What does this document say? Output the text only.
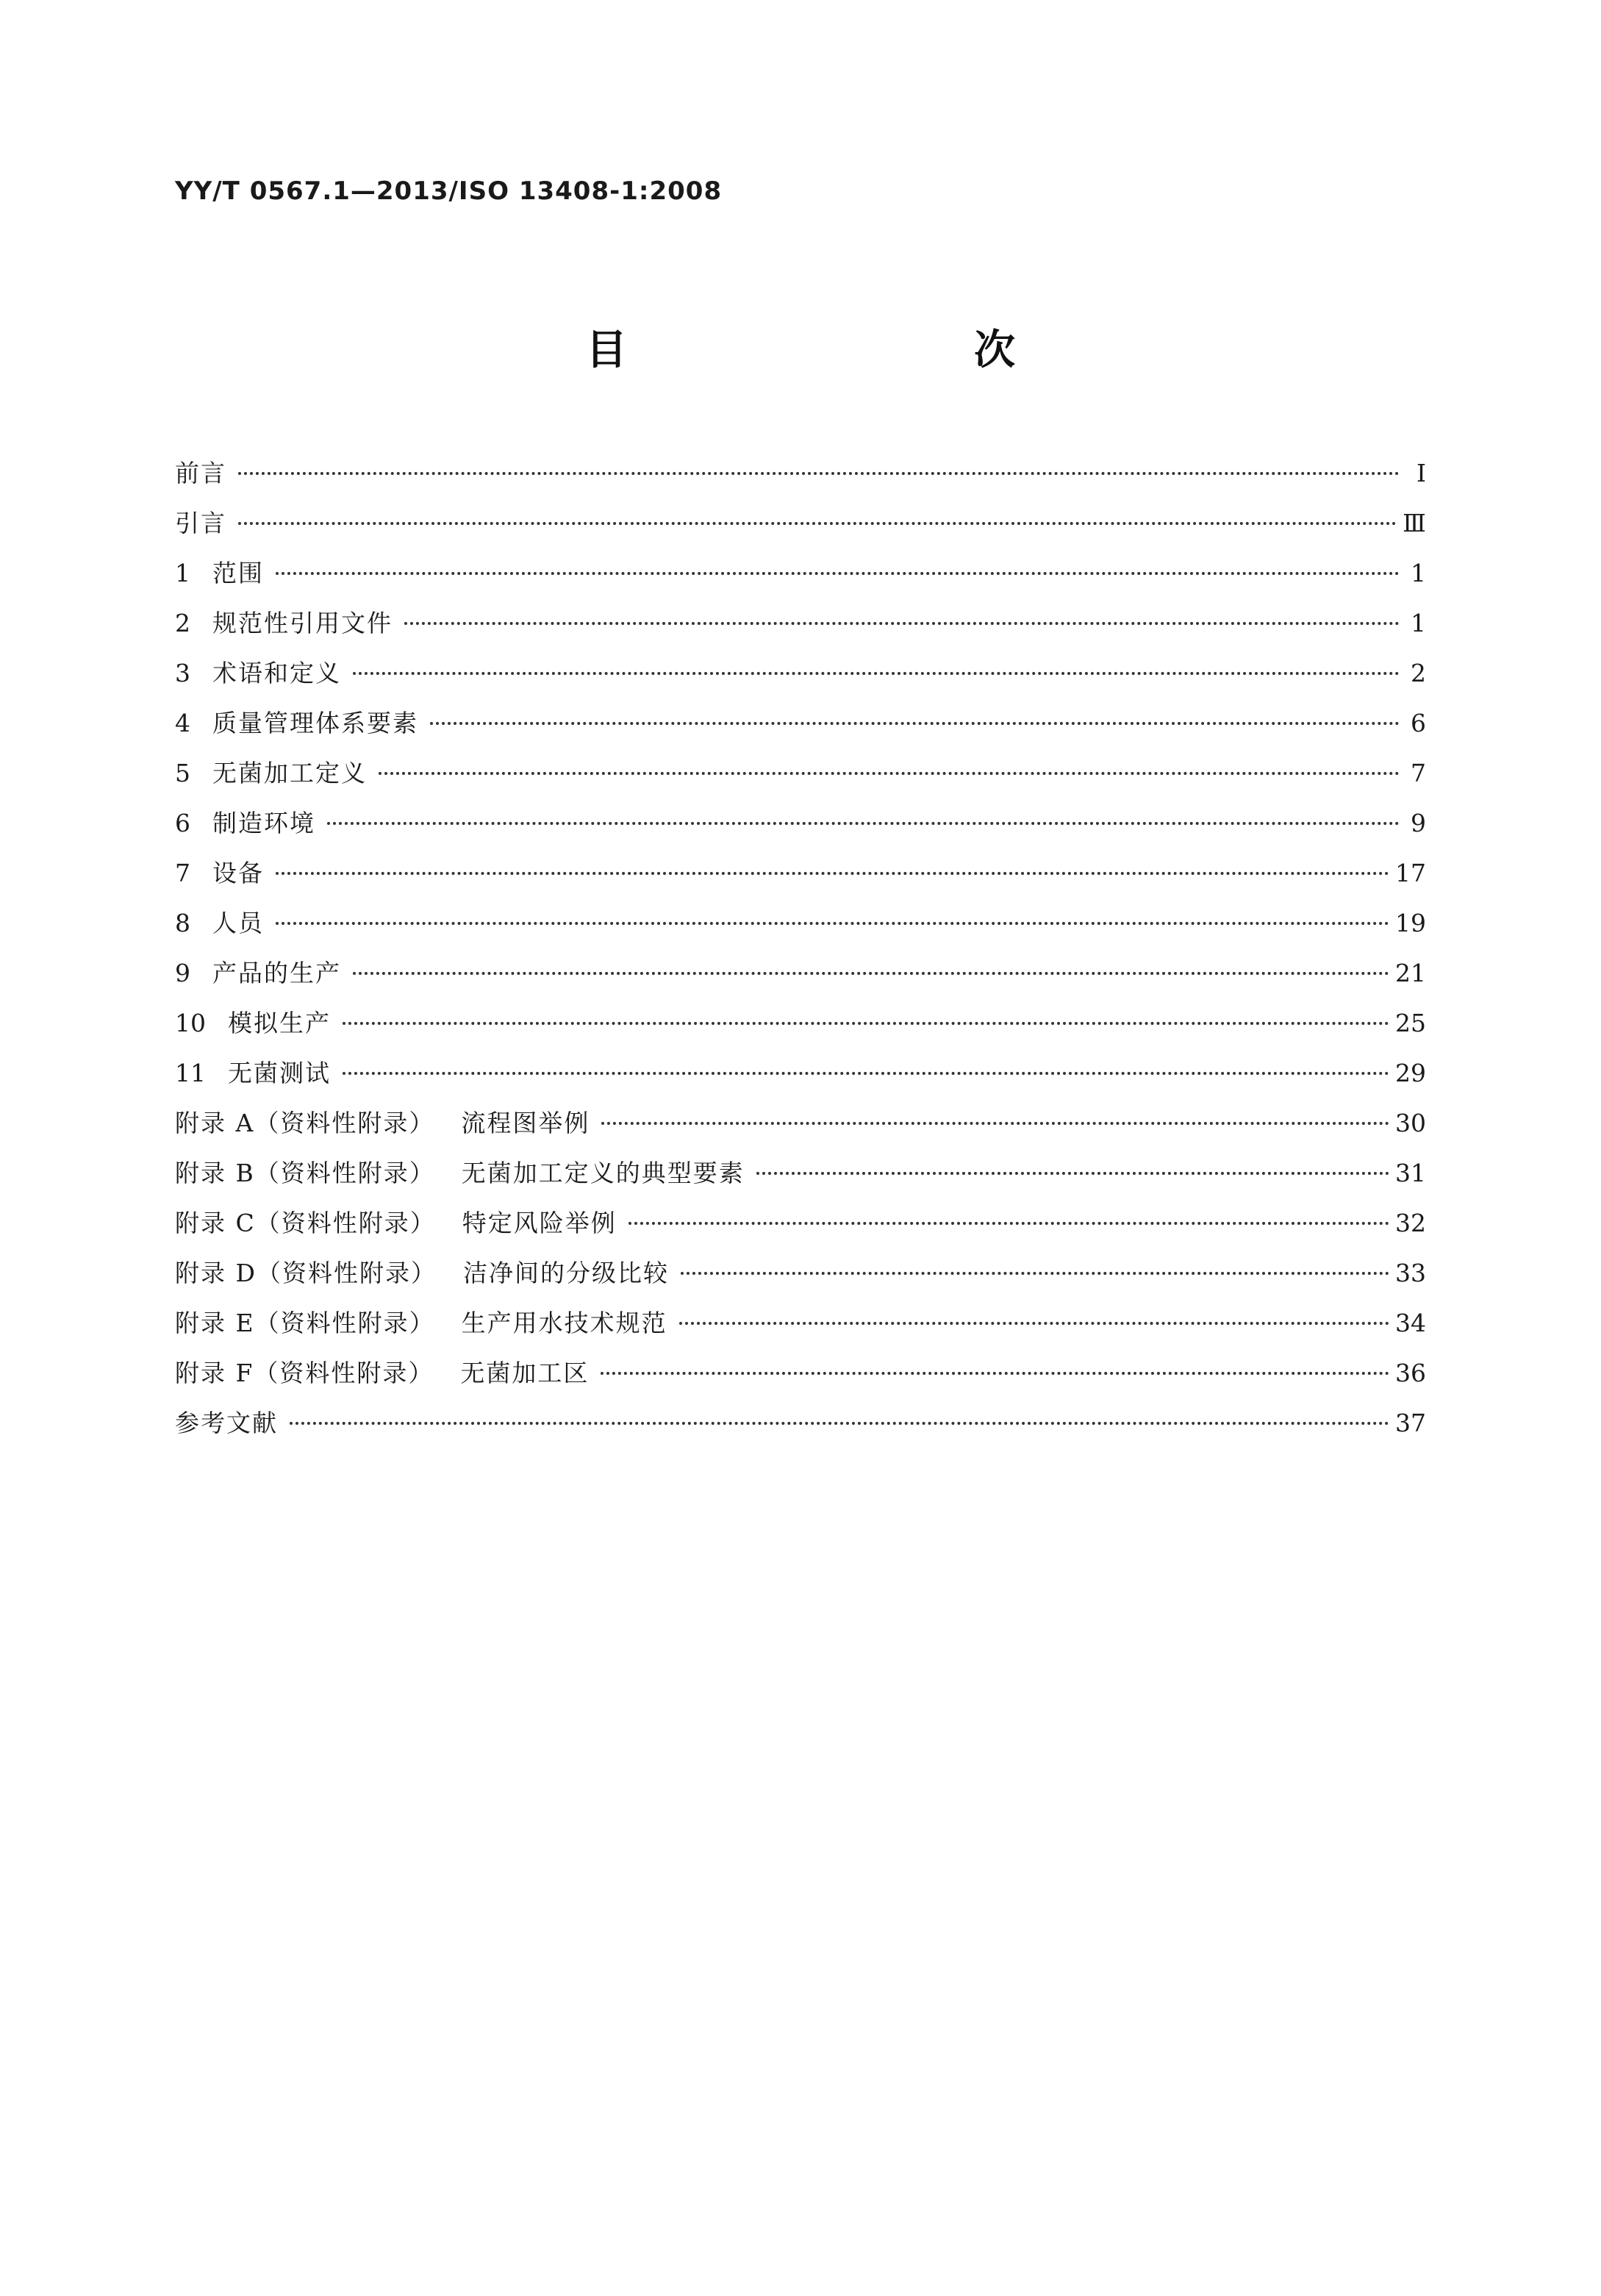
YY/T 0567.1—2013/ISO 13408-1:2008
目　　次
前言	Ⅰ
引言	Ⅲ
1 范围	1
2 规范性引用文件	1
3 术语和定义	2
4 质量管理体系要素	6
5 无菌加工定义	7
6 制造环境	9
7 设备	17
8 人员	19
9 产品的生产	21
10 模拟生产	25
11 无菌测试	29
附录 A（资料性附录） 流程图举例	30
附录 B（资料性附录） 无菌加工定义的典型要素	31
附录 C（资料性附录） 特定风险举例	32
附录 D（资料性附录） 洁净间的分级比较	33
附录 E（资料性附录） 生产用水技术规范	34
附录 F（资料性附录） 无菌加工区	36
参考文献	37
